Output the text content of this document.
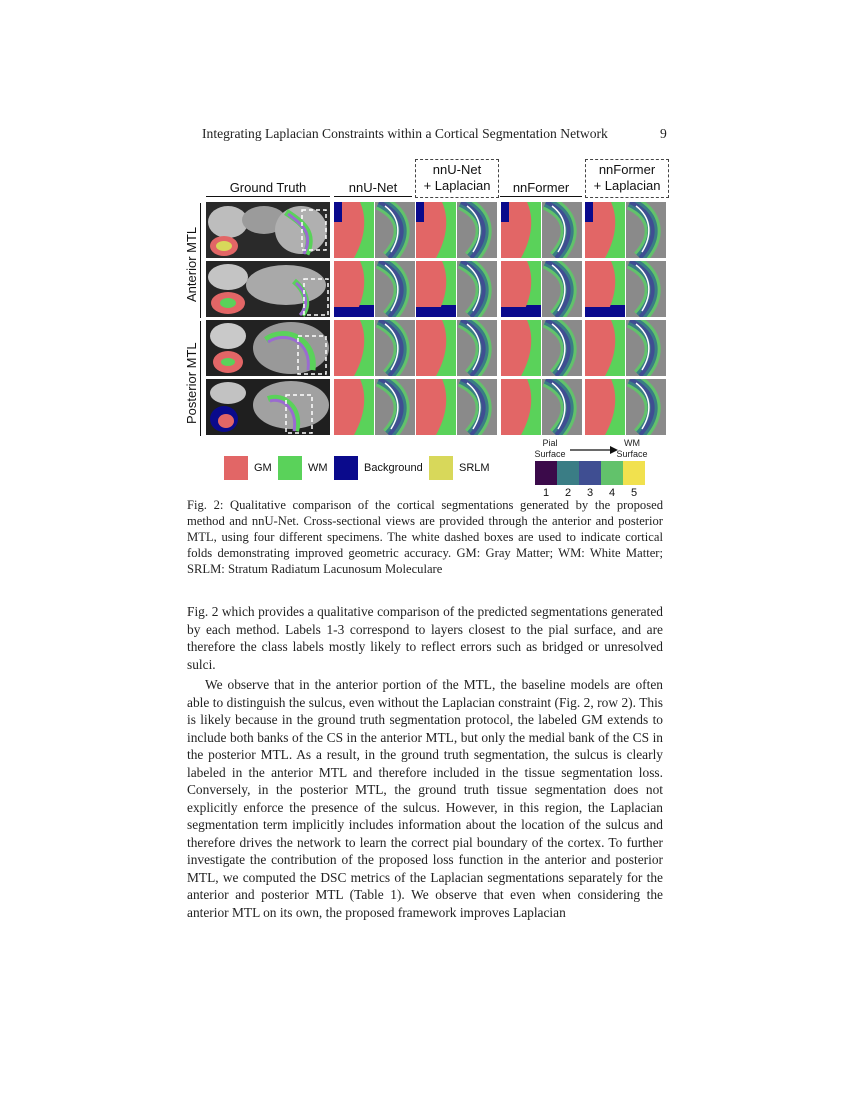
Integrating Laplacian Constraints within a Cortical Segmentation Network	9
Ground Truth	nnU-Net
nnU-Net
+ Laplacian	nnFormer
nnFormer
+ Laplacian
Anterior MTL
Posterior MTL
GM	WM	Background	SRLM
Pial
Surface
WM
Surface
1	2	3	4	5
Fig. 2: Qualitative comparison of the cortical segmentations generated by the proposed method and nnU-Net. Cross-sectional views are provided through the anterior and posterior MTL, using four different specimens. The white dashed boxes are used to indicate cortical folds demonstrating improved geometric accuracy. GM: Gray Matter; WM: White Matter; SRLM: Stratum Radiatum Lacunosum Moleculare
Fig. 2 which provides a qualitative comparison of the predicted segmentations generated by each method. Labels 1-3 correspond to layers closest to the pial surface, and are therefore the class labels mostly likely to reflect errors such as bridged or unresolved sulci.
We observe that in the anterior portion of the MTL, the baseline models are often able to distinguish the sulcus, even without the Laplacian constraint (Fig. 2, row 2). This is likely because in the ground truth segmentation protocol, the labeled GM extends to include both banks of the CS in the anterior MTL, but only the medial bank of the CS in the posterior MTL. As a result, in the ground truth segmentation, the sulcus is clearly labeled in the anterior MTL and therefore included in the tissue segmentation loss. Conversely, in the posterior MTL, the ground truth tissue segmentation does not explicitly enforce the presence of the sulcus. However, in this region, the Laplacian segmentation term implicitly includes information about the location of the sulcus and therefore drives the network to learn the correct pial boundary of the cortex. To further investigate the contribution of the proposed loss function in the anterior and posterior MTL, we computed the DSC metrics of the Laplacian segmentations separately for the anterior and posterior MTL (Table 1). We observe that even when considering the anterior MTL on its own, the proposed framework improves Laplacian
